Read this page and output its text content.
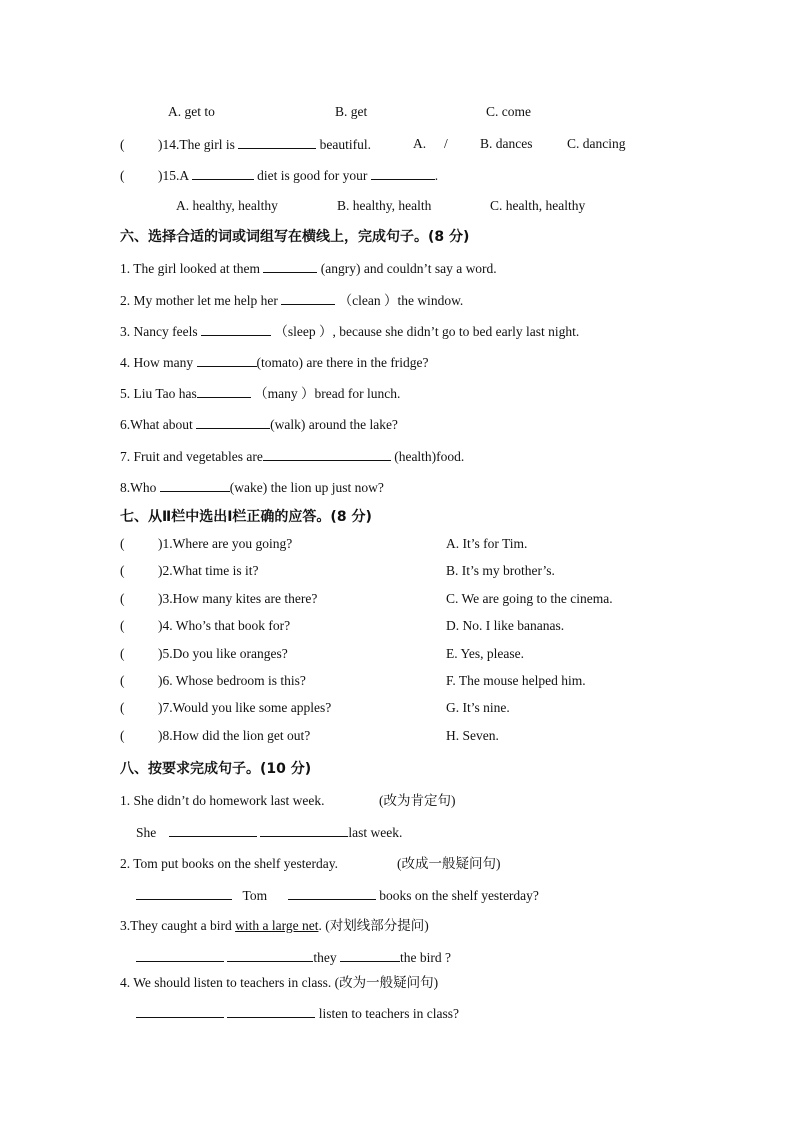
A. get to	B. get	C. come
( )14.The girl is	beautiful.	A. / B. dances	C. dancing
( )15.A	diet is good for your	.
A. healthy, healthy	B. healthy, health	C. health, healthy
六、选择合适的词或词组写在横线上，完成句子。(8 分)
1. The girl looked at them	(angry) and couldn’t say a word.
2. My mother let me help her	（clean ）the window.
3. Nancy feels	（sleep ）, because she didn’t go to bed early last night.
4. How many	(tomato) are there in the fridge?
5. Liu Tao has	（many ）bread for lunch.
6.What about	(walk) around the lake?
7. Fruit and vegetables are	(health)food.
8.Who	(wake) the lion up just now?
七、从Ⅱ栏中选出Ⅰ栏正确的应答。(8 分)
( )1.Where are you going?	A. It’s for Tim.
( )2.What time is it?	B. It’s my brother’s.
( )3.How many kites are there?	C. We are going to the cinema.
( )4. Who’s that book for?	D. No. I like bananas.
( )5.Do you like oranges?	E. Yes, please.
( )6. Whose bedroom is this?	F. The mouse helped him.
( )7.Would you like some apples?	G. It’s nine.
( )8.How did the lion get out?	H. Seven.
八、按要求完成句子。(10 分)
1. She didn’t do homework last week.	(改为肯定句)
She	last week.
2. Tom put books on the shelf yesterday.	(改成一般疑问句)
Tom	books on the shelf yesterday?
3.They caught a bird with a large net. (对划线部分提问)
they	the bird ?
4. We should listen to teachers in class. (改为一般疑问句)
listen to teachers in class?
